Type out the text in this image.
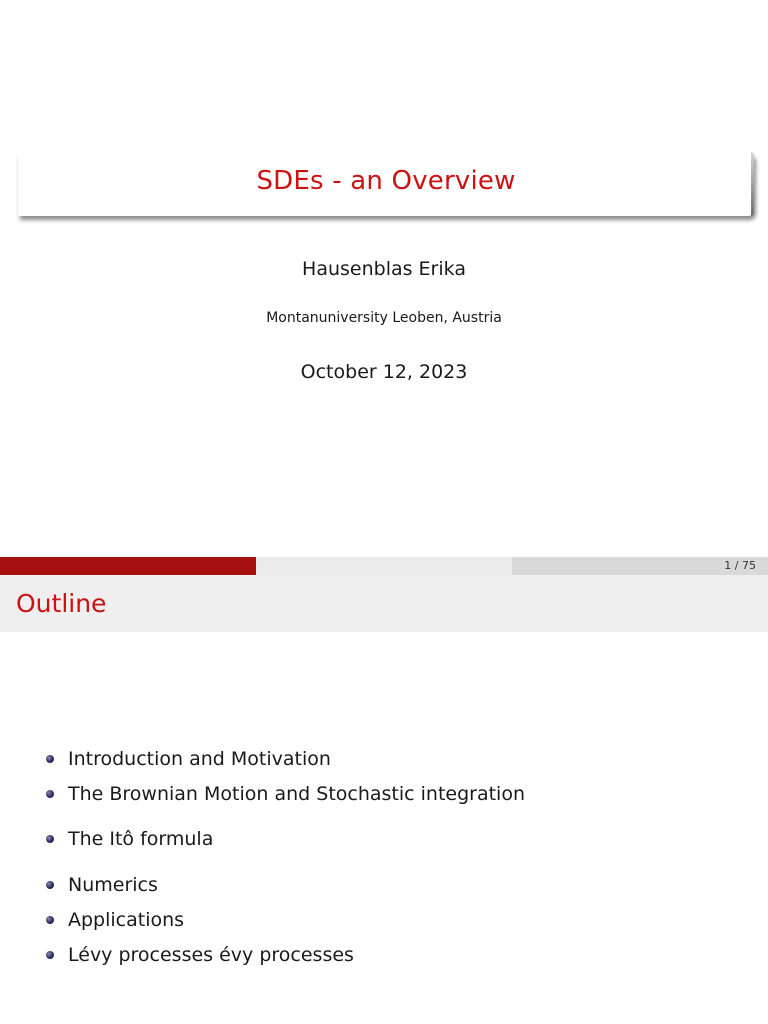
SDEs - an Overview
Hausenblas Erika
Montanuniversity Leoben, Austria
October 12, 2023
1 / 75
Outline
Introduction and Motivation
The Brownian Motion and Stochastic integration
The Itô formula
Numerics
Applications
Lévy processes évy processes
